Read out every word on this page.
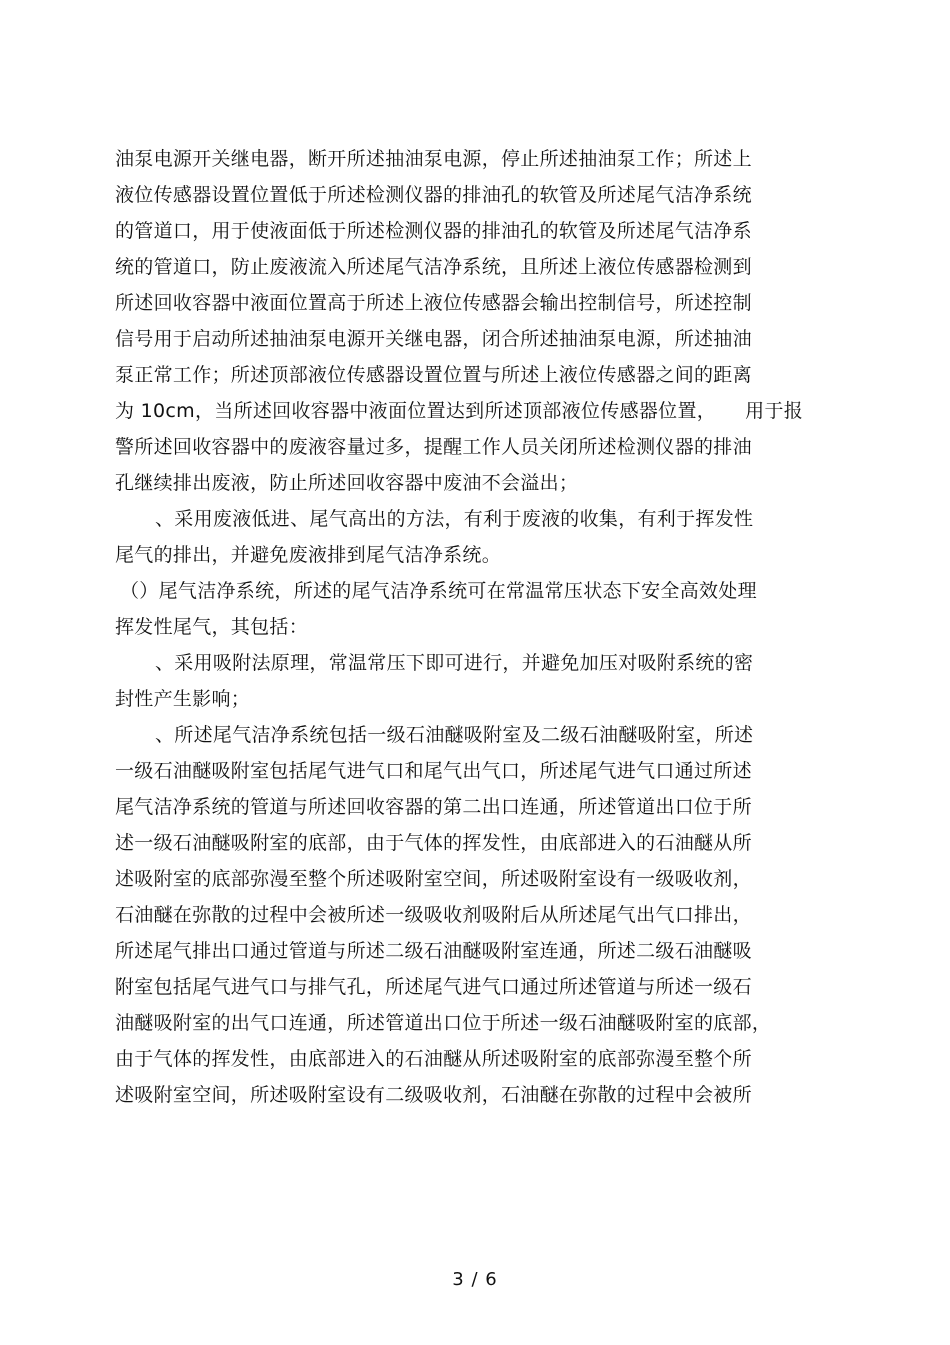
油泵电源开关继电器，断开所述抽油泵电源，停止所述抽油泵工作；所述上
液位传感器设置位置低于所述检测仪器的排油孔的软管及所述尾气洁净系统
的管道口，用于使液面低于所述检测仪器的排油孔的软管及所述尾气洁净系
统的管道口，防止废液流入所述尾气洁净系统，且所述上液位传感器检测到
所述回收容器中液面位置高于所述上液位传感器会输出控制信号，所述控制
信号用于启动所述抽油泵电源开关继电器，闭合所述抽油泵电源，所述抽油
泵正常工作；所述顶部液位传感器设置位置与所述上液位传感器之间的距离
为 10cm，当所述回收容器中液面位置达到所述顶部液位传感器位置，　　用于报
警所述回收容器中的废液容量过多，提醒工作人员关闭所述检测仪器的排油
孔继续排出废液，防止所述回收容器中废油不会溢出；
、采用废液低进、尾气高出的方法，有利于废液的收集，有利于挥发性
尾气的排出，并避免废液排到尾气洁净系统。
（）尾气洁净系统，所述的尾气洁净系统可在常温常压状态下安全高效处理
挥发性尾气，其包括：
、采用吸附法原理，常温常压下即可进行，并避免加压对吸附系统的密
封性产生影响；
、所述尾气洁净系统包括一级石油醚吸附室及二级石油醚吸附室，所述
一级石油醚吸附室包括尾气进气口和尾气出气口，所述尾气进气口通过所述
尾气洁净系统的管道与所述回收容器的第二出口连通，所述管道出口位于所
述一级石油醚吸附室的底部，由于气体的挥发性，由底部进入的石油醚从所
述吸附室的底部弥漫至整个所述吸附室空间，所述吸附室设有一级吸收剂，
石油醚在弥散的过程中会被所述一级吸收剂吸附后从所述尾气出气口排出，
所述尾气排出口通过管道与所述二级石油醚吸附室连通，所述二级石油醚吸
附室包括尾气进气口与排气孔，所述尾气进气口通过所述管道与所述一级石
油醚吸附室的出气口连通，所述管道出口位于所述一级石油醚吸附室的底部，
由于气体的挥发性，由底部进入的石油醚从所述吸附室的底部弥漫至整个所
述吸附室空间，所述吸附室设有二级吸收剂，石油醚在弥散的过程中会被所
3 / 6
